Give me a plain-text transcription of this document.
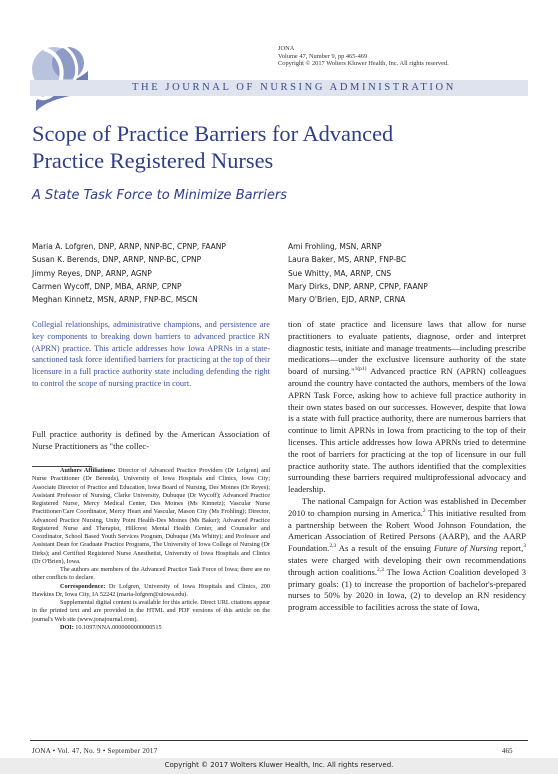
JONA
Volume 47, Number 9, pp 465-469
Copyright © 2017 Wolters Kluwer Health, Inc. All rights reserved.
THE JOURNAL OF NURSING ADMINISTRATION
Scope of Practice Barriers for Advanced
Practice Registered Nurses
A State Task Force to Minimize Barriers
Maria A. Lofgren, DNP, ARNP, NNP-BC, CPNP, FAANP
Susan K. Berends, DNP, ARNP, NNP-BC, CPNP
Jimmy Reyes, DNP, ARNP, AGNP
Carmen Wycoff, DNP, MBA, ARNP, CPNP
Meghan Kinnetz, MSN, ARNP, FNP-BC, MSCN
Ami Frohling, MSN, ARNP
Laura Baker, MS, ARNP, FNP-BC
Sue Whitty, MA, ARNP, CNS
Mary Dirks, DNP, ARNP, CPNP, FAANP
Mary O'Brien, EJD, ARNP, CRNA
Collegial relationships, administrative champions, and persistence are key components to breaking down barriers to advanced practice RN (APRN) practice. This article addresses how Iowa APRNs in a state-sanctioned task force identified barriers for practicing at the top of their licensure in a full practice authority state including defending the right to control the scope of nursing practice in court.
Full practice authority is defined by the American Association of Nurse Practitioners as "the collec-

Authors Affiliations: Director of Advanced Practice Providers (Dr Lofgren) and Nurse Practitioner (Dr Berends), University of Iowa Hospitals and Clinics, Iowa City; Associate Director of Practice and Education, Iowa Board of Nursing, Des Moines (Dr Reyes); Assistant Professor of Nursing, Clarke University, Dubuque (Dr Wycoff); Advanced Practice Registered Nurse, Mercy Medical Center, Des Moines (Ms Kinnetz); Vascular Nurse Practitioner/Care Coordinator, Mercy Heart and Vascular, Mason City (Ms Frohling); Director, Advanced Practice Nursing, Unity Point Health-Des Moines (Ms Baker); Advanced Practice Registered Nurse and Therapist, Hillcrest Mental Health Center, and Counselor and Coordinator, School Based Youth Services Program, Dubuque (Ms Whitty); and Professor and Assistant Dean for Graduate Practice Programs, The University of Iowa College of Nursing (Dr Dirks); and Certified Registered Nurse Anesthetist, University of Iowa Hospitals and Clinics (Dr O'Brien), Iowa.

The authors are members of the Advanced Practice Task Force of Iowa; there are no other conflicts to declare.

Correspondence: Dr Lofgren, University of Iowa Hospitals and Clinics, 200 Hawkins Dr, Iowa City, IA 52242 (maria-lofgren@uiowa.edu).

Supplemental digital content is available for this article. Direct URL citations appear in the printed text and are provided in the HTML and PDF versions of this article on the journal's Web site (www.jonajournal.com).

DOI: 10.1097/NNA.0000000000000515

tion of state practice and licensure laws that allow for nurse practitioners to evaluate patients, diagnose, order and interpret diagnostic tests, initiate and manage treatments—including prescribe medications—under the exclusive licensure authority of the state board of nursing."$^{1(p1)}$ Advanced practice RN (APRN) colleagues around the country have contacted the authors, members of the Iowa APRN Task Force, asking how to achieve full practice authority in their own states based on our successes. However, despite that Iowa is a state with full practice authority, there are numerous barriers that continue to limit APRNs in Iowa from practicing to the top of their licenses. This article addresses how Iowa APRNs tried to determine the root of barriers for practicing at the top of licensure in our full practice authority state. The authors identified that the complexities surrounding these barriers required multiprofessional advocacy and leadership.

The national Campaign for Action was established in December 2010 to champion nursing in America.$^2$ This initiative resulted from a partnership between the Robert Wood Johnson Foundation, the American Association of Retired Persons (AARP), and the AARP Foundation.$^{2,3}$ As a result of the ensuing Future of Nursing report,$^3$ states were charged with developing their own recommendations through action coalitions.$^{2,3}$ The Iowa Action Coalition developed 3 primary goals: (1) to increase the proportion of bachelor's-prepared nurses to 50% by 2020 in Iowa, (2) to develop an RN residency program accessible to facilities across the state of Iowa,

JONA • Vol. 47, No. 9 • September 2017	465
Copyright © 2017 Wolters Kluwer Health, Inc. All rights reserved.
